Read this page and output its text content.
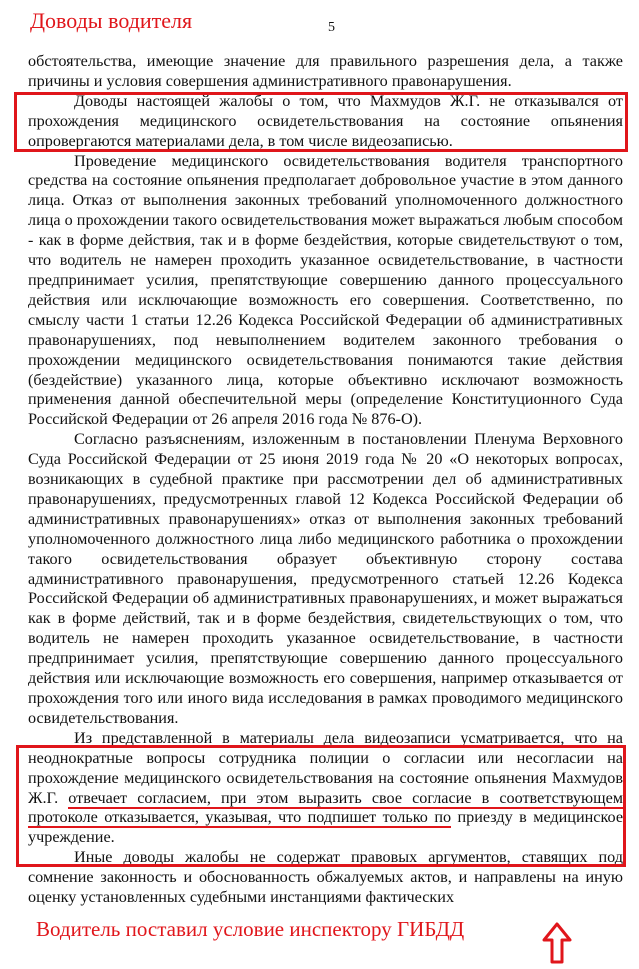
Доводы водителя	5

обстоятельства, имеющие значение для правильного разрешения дела, а также причины и условия совершения административного правонарушения.

Доводы настоящей жалобы о том, что Махмудов Ж.Г. не отказывался от прохождения медицинского освидетельствования на состояние опьянения опровергаются материалами дела, в том числе видеозаписью.

Проведение медицинского освидетельствования водителя транспортного средства на состояние опьянения предполагает добровольное участие в этом данного лица. Отказ от выполнения законных требований уполномоченного должностного лица о прохождении такого освидетельствования может выражаться любым способом - как в форме действия, так и в форме бездействия, которые свидетельствуют о том, что водитель не намерен проходить указанное освидетельствование, в частности предпринимает усилия, препятствующие совершению данного процессуального действия или исключающие возможность его совершения. Соответственно, по смыслу части 1 статьи 12.26 Кодекса Российской Федерации об административных правонарушениях, под невыполнением водителем законного требования о прохождении медицинского освидетельствования понимаются такие действия (бездействие) указанного лица, которые объективно исключают возможность применения данной обеспечительной меры (определение Конституционного Суда Российской Федерации от 26 апреля 2016 года № 876-О).

Согласно разъяснениям, изложенным в постановлении Пленума Верховного Суда Российской Федерации от 25 июня 2019 года № 20 «О некоторых вопросах, возникающих в судебной практике при рассмотрении дел об административных правонарушениях, предусмотренных главой 12 Кодекса Российской Федерации об административных правонарушениях» отказ от выполнения законных требований уполномоченного должностного лица либо медицинского работника о прохождении такого освидетельствования образует объективную сторону состава административного правонарушения, предусмотренного статьей 12.26 Кодекса Российской Федерации об административных правонарушениях, и может выражаться как в форме действий, так и в форме бездействия, свидетельствующих о том, что водитель не намерен проходить указанное освидетельствование, в частности предпринимает усилия, препятствующие совершению данного процессуального действия или исключающие возможность его совершения, например отказывается от прохождения того или иного вида исследования в рамках проводимого медицинского освидетельствования.

Из представленной в материалы дела видеозаписи усматривается, что на неоднократные вопросы сотрудника полиции о согласии или несогласии на прохождение медицинского освидетельствования на состояние опьянения Махмудов Ж.Г. отвечает согласием, при этом выразить свое согласие в соответствующем протоколе отказывается, указывая, что подпишет только по приезду в медицинское учреждение.

Иные доводы жалобы не содержат правовых аргументов, ставящих под сомнение законность и обоснованность обжалуемых актов, и направлены на иную оценку установленных судебными инстанциями фактических

Водитель поставил условие инспектору ГИБДД
